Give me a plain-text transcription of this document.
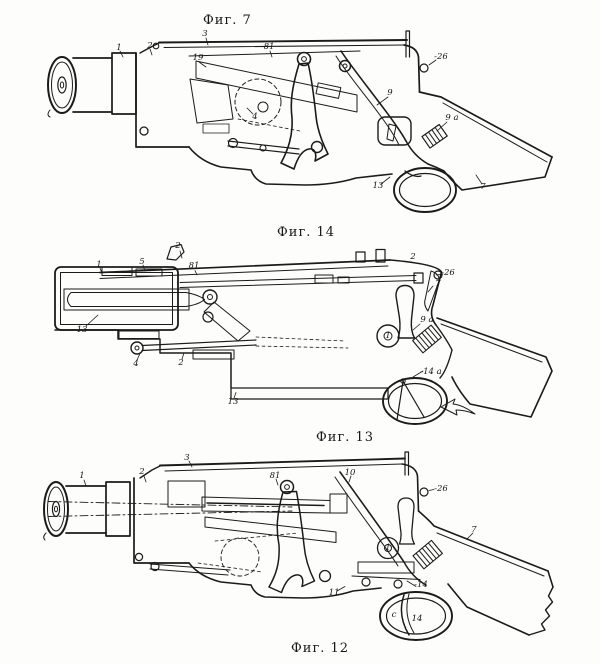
Фиг. 7
1	2
3
19
81
4
9
-26
9 a
13	7
Фиг. 14
Фиг. 13
1	5
2
81
13
4	2
13
2
-26
7
9 a
-14 a
1
Фиг. 12
3
1	2	81	10
-26
7
-14
11
1
с 14
